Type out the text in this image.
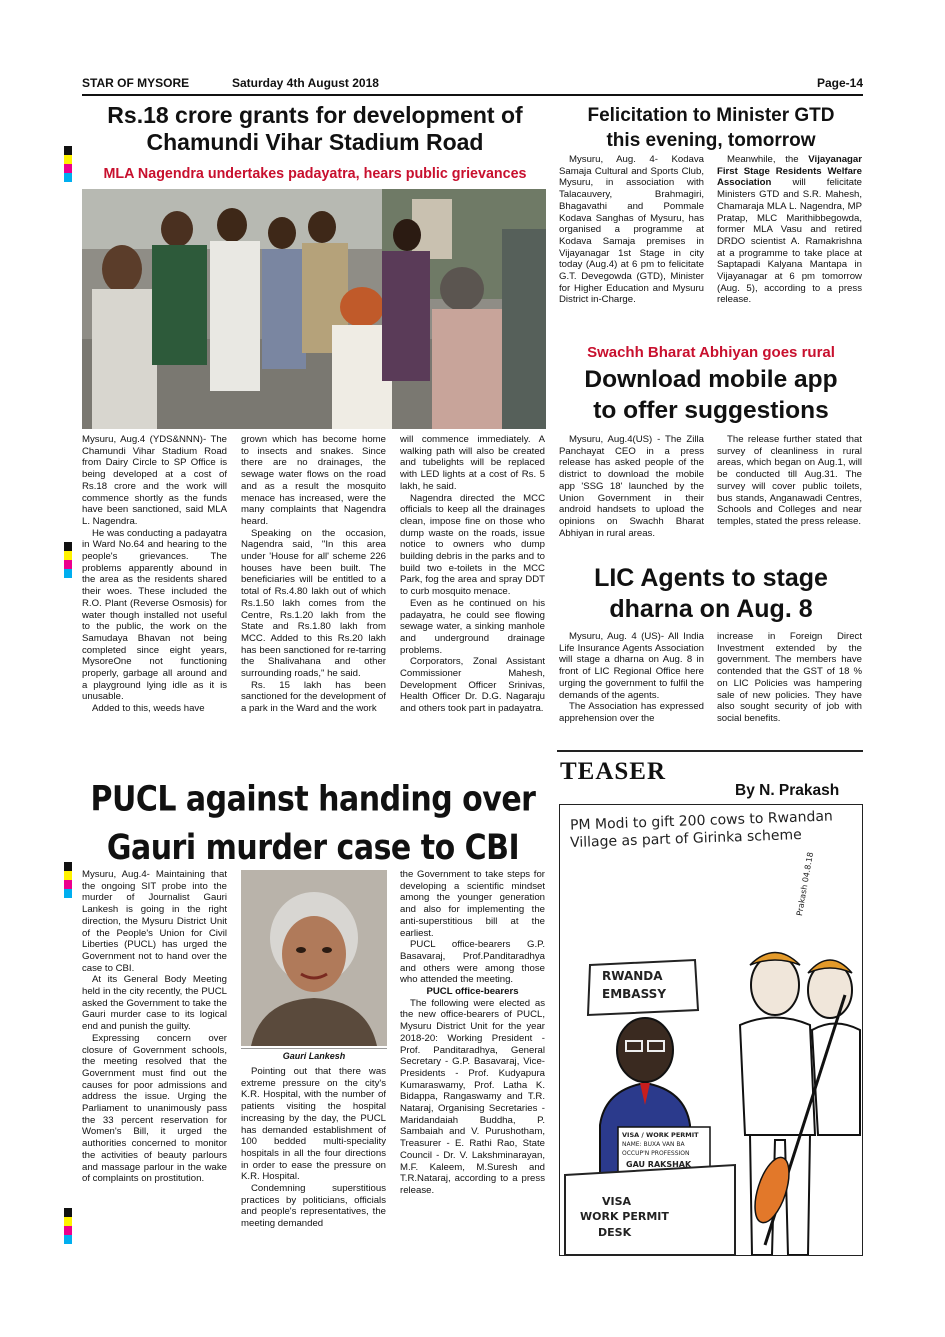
STAR OF MYSORE	Saturday 4th August 2018	Page-14
Rs.18 crore grants for development of
Chamundi Vihar Stadium Road
MLA Nagendra undertakes padayatra, hears public grievances

Mysuru, Aug.4 (YDS&NNN)- The Chamundi Vihar Stadium Road from Dairy Circle to SP Office is being developed at a cost of Rs.18 crore and the work will commence shortly as the funds have been sanctioned, said MLA L. Nagendra.

He was conducting a padayatra in Ward No.64 and hearing to the people's grievances. The problems apparently abound in the area as the residents shared their woes. These included the R.O. Plant (Reverse Osmosis) for water though installed not useful to the public, the work on the Samudaya Bhavan not being completed since eight years, MysoreOne not functioning properly, garbage all around and a playground lying idle as it is unusable.

Added to this, weeds have

grown which has become home to insects and snakes. Since there are no drainages, the sewage water flows on the road and as a result the mosquito menace has increased, were the many complaints that Nagendra heard.

Speaking on the occasion, Nagendra said, "In this area under 'House for all' scheme 226 houses have been built. The beneficiaries will be entitled to a total of Rs.4.80 lakh out of which Rs.1.50 lakh comes from the Centre, Rs.1.20 lakh from the State and Rs.1.80 lakh from MCC. Added to this Rs.20 lakh has been sanctioned for re-tarring the Shalivahana and other surrounding roads," he said.

Rs. 15 lakh has been sanctioned for the development of a park in the Ward and the work

will commence immediately. A walking path will also be created and tubelights will be replaced with LED lights at a cost of Rs. 5 lakh, he said.

Nagendra directed the MCC officials to keep all the drainages clean, impose fine on those who dump waste on the roads, issue notice to owners who dump building debris in the parks and to build two e-toilets in the MCC Park, fog the area and spray DDT to curb mosquito menace.

Even as he continued on his padayatra, he could see flowing sewage water, a sinking manhole and underground drainage problems.

Corporators, Zonal Assistant Commissioner Mahesh, Development Officer Srinivas, Health Officer Dr. D.G. Nagaraju and others took part in padayatra.

Felicitation to Minister GTD
this evening, tomorrow

Mysuru, Aug. 4- Kodava Samaja Cultural and Sports Club, Mysuru, in association with Talacauvery, Brahmagiri, Bhagavathi and Pommale Kodava Sanghas of Mysuru, has organised a programme at Kodava Samaja premises in Vijayanagar 1st Stage in city today (Aug.4) at 6 pm to felicitate G.T. Devegowda (GTD), Minister for Higher Education and Mysuru District in-Charge.

Meanwhile, the Vijayanagar First Stage Residents Welfare Association will felicitate Ministers GTD and S.R. Mahesh, Chamaraja MLA L. Nagendra, MP Pratap, MLC Marithibbegowda, former MLA Vasu and retired DRDO scientist A. Ramakrishna at a programme to take place at Saptapadi Kalyana Mantapa in Vijayanagar at 6 pm tomorrow (Aug. 5), according to a press release.

Swachh Bharat Abhiyan goes rural
Download mobile app
to offer suggestions

Mysuru, Aug.4(US) - The Zilla Panchayat CEO in a press release has asked people of the district to download the mobile app 'SSG 18' launched by the Union Government in their android handsets to upload the opinions on Swachh Bharat Abhiyan in rural areas.

The release further stated that survey of cleanliness in rural areas, which began on Aug.1, will be conducted till Aug.31. The survey will cover public toilets, bus stands, Anganawadi Centres, Schools and Colleges and near temples, stated the press release.

LIC Agents to stage
dharna on Aug. 8

Mysuru, Aug. 4 (US)- All India Life Insurance Agents Association will stage a dharna on Aug. 8 in front of LIC Regional Office here urging the government to fulfil the demands of the agents.

The Association has expressed apprehension over the

increase in Foreign Direct Investment extended by the government. The members have contended that the GST of 18 % on LIC Policies was hampering sale of new policies. They have also sought security of job with social benefits.

PUCL against handing over
Gauri murder case to CBI
Gauri Lankesh

Mysuru, Aug.4- Maintaining that the ongoing SIT probe into the murder of Journalist Gauri Lankesh is going in the right direction, the Mysuru District Unit of the People's Union for Civil Liberties (PUCL) has urged the Government not to hand over the case to CBI.

At its General Body Meeting held in the city recently, the PUCL asked the Government to take the Gauri murder case to its logical end and punish the guilty.

Expressing concern over closure of Government schools, the meeting resolved that the Government must find out the causes for poor admissions and address the issue. Urging the Parliament to unanimously pass the 33 percent reservation for Women's Bill, it urged the authorities concerned to monitor the activities of beauty parlours and massage parlour in the wake of complaints on prostitution.

Pointing out that there was extreme pressure on the city's K.R. Hospital, with the number of patients visiting the hospital increasing by the day, the PUCL has demanded establishment of 100 bedded multi-speciality hospitals in all the four directions in order to ease the pressure on K.R. Hospital.

Condemning superstitious practices by politicians, officials and people's representatives, the meeting demanded

the Government to take steps for developing a scientific mindset among the younger generation and also for implementing the anti-superstitious bill at the earliest.

PUCL office-bearers G.P. Basavaraj, Prof.Panditaradhya and others were among those who attended the meeting.

PUCL office-bearers

The following were elected as the new office-bearers of PUCL, Mysuru District Unit for the year 2018-20: Working President - Prof. Panditaradhya, General Secretary - G.P. Basavaraj, Vice-Presidents - Prof. Kudyapura Kumaraswamy, Prof. Latha K. Bidappa, Rangaswamy and T.R. Nataraj, Organising Secretaries - Maridandaiah Buddha, P. Sambaiah and V. Purushotham, Treasurer - E. Rathi Rao, State Council - Dr. V. Lakshminarayan, M.F. Kaleem, M.Suresh and T.R.Nataraj, according to a press release.

TEASER
By N. Prakash
PM Modi to gift 200 cows to Rwandan
Village as part of Girinka scheme
RWANDA
EMBASSY
VISA / WORK PERMIT
NAME: BUXA VAN BA
OCCUP'N PROFESSION
GAU RAKSHAK
VISA
WORK PERMIT
DESK
Prakash 04.8.18
